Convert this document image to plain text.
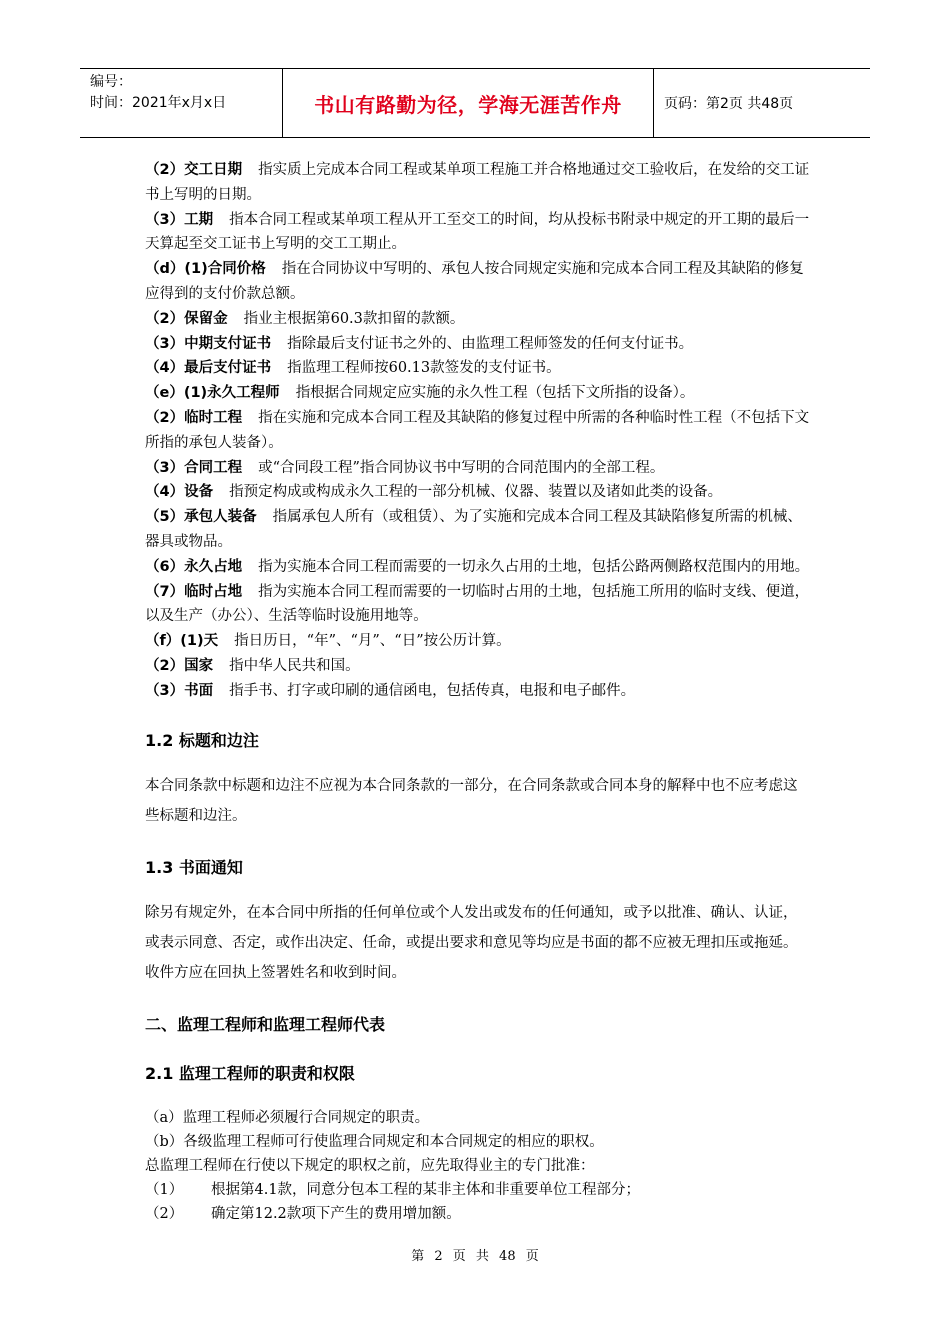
编号：
时间：2021年x月x日	书山有路勤为径，学海无涯苦作舟	页码：第2页 共48页

（2）交工日期 指实质上完成本合同工程或某单项工程施工并合格地通过交工验收后，在发给的交工证书上写明的日期。

（3）工期 指本合同工程或某单项工程从开工至交工的时间，均从投标书附录中规定的开工期的最后一天算起至交工证书上写明的交工工期止。

（d）(1)合同价格 指在合同协议中写明的、承包人按合同规定实施和完成本合同工程及其缺陷的修复应得到的支付价款总额。

（2）保留金 指业主根据第60.3款扣留的款额。

（3）中期支付证书 指除最后支付证书之外的、由监理工程师签发的任何支付证书。

（4）最后支付证书 指监理工程师按60.13款签发的支付证书。

（e）(1)永久工程师 指根据合同规定应实施的永久性工程（包括下文所指的设备）。

（2）临时工程 指在实施和完成本合同工程及其缺陷的修复过程中所需的各种临时性工程（不包括下文所指的承包人装备）。

（3）合同工程 或“合同段工程”指合同协议书中写明的合同范围内的全部工程。

（4）设备 指预定构成或构成永久工程的一部分机械、仪器、装置以及诸如此类的设备。

（5）承包人装备 指属承包人所有（或租赁）、为了实施和完成本合同工程及其缺陷修复所需的机械、器具或物品。

（6）永久占地 指为实施本合同工程而需要的一切永久占用的土地，包括公路两侧路权范围内的用地。

（7）临时占地 指为实施本合同工程而需要的一切临时占用的土地，包括施工所用的临时支线、便道，以及生产（办公）、生活等临时设施用地等。

（f）(1)天 指日历日，“年”、“月”、“日”按公历计算。

（2）国家 指中华人民共和国。

（3）书面 指手书、打字或印刷的通信函电，包括传真，电报和电子邮件。

1.2 标题和边注

本合同条款中标题和边注不应视为本合同条款的一部分，在合同条款或合同本身的解释中也不应考虑这些标题和边注。

1.3 书面通知

除另有规定外，在本合同中所指的任何单位或个人发出或发布的任何通知，或予以批准、确认、认证，或表示同意、否定，或作出决定、任命，或提出要求和意见等均应是书面的都不应被无理扣压或拖延。收件方应在回执上签署姓名和收到时间。

二、监理工程师和监理工程师代表
2.1 监理工程师的职责和权限

（a）监理工程师必须履行合同规定的职责。

（b）各级监理工程师可行使监理合同规定和本合同规定的相应的职权。

总监理工程师在行使以下规定的职权之前，应先取得业主的专门批准：

（1） 根据第4.1款，同意分包本工程的某非主体和非重要单位工程部分；

（2） 确定第12.2款项下产生的费用增加额。

第 2 页 共 48 页
